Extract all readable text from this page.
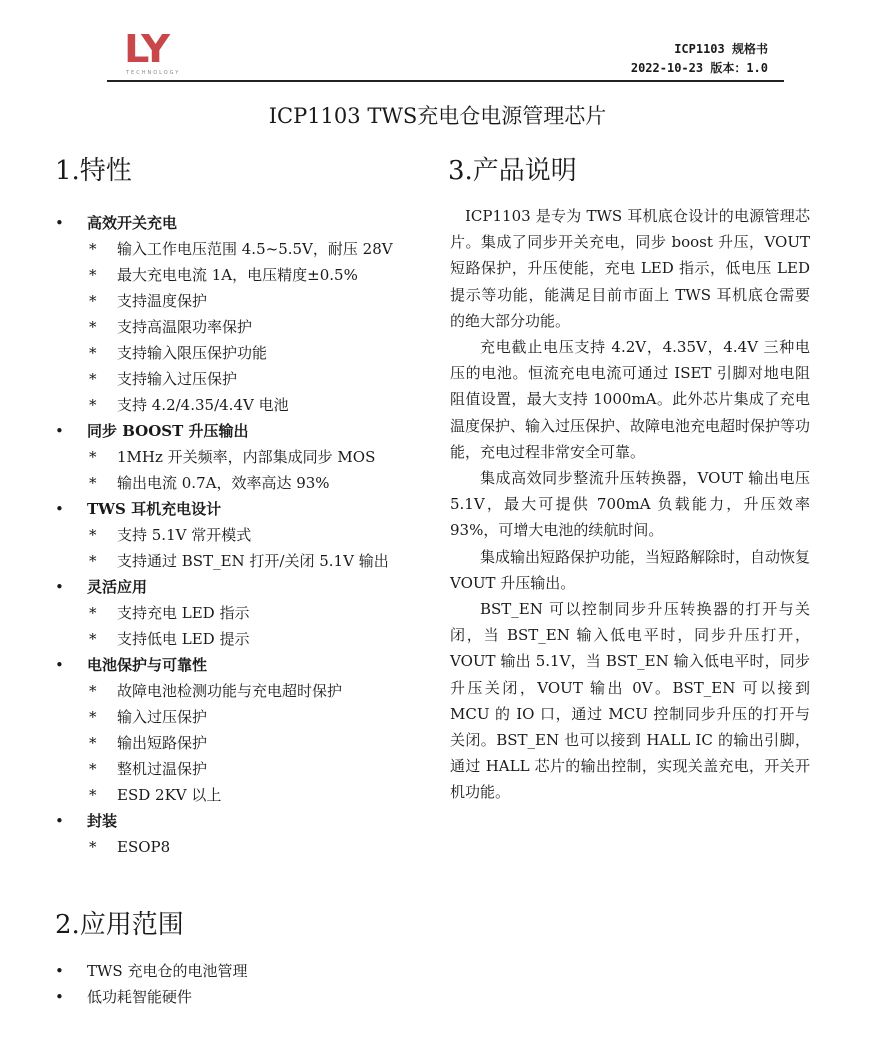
LY
TECHNOLOGY
ICP1103 规格书
2022-10-23 版本：1.0
ICP1103 TWS充电仓电源管理芯片
1.特性
• 高效开关充电
* 输入工作电压范围 4.5~5.5V，耐压 28V
* 最大充电电流 1A，电压精度±0.5%
* 支持温度保护
* 支持高温限功率保护
* 支持输入限压保护功能
* 支持输入过压保护
* 支持 4.2/4.35/4.4V 电池
• 同步 BOOST 升压输出
* 1MHz 开关频率，内部集成同步 MOS
* 输出电流 0.7A，效率高达 93%
• TWS 耳机充电设计
* 支持 5.1V 常开模式
* 支持通过 BST_EN 打开/关闭 5.1V 输出
• 灵活应用
* 支持充电 LED 指示
* 支持低电 LED 提示
• 电池保护与可靠性
* 故障电池检测功能与充电超时保护
* 输入过压保护
* 输出短路保护
* 整机过温保护
* ESD 2KV 以上
• 封装
* ESOP8
2.应用范围
• TWS 充电仓的电池管理
• 低功耗智能硬件
3.产品说明

ICP1103 是专为 TWS 耳机底仓设计的电源管理芯片。集成了同步开关充电，同步 boost 升压，VOUT 短路保护，升压使能，充电 LED 指示，低电压 LED 提示等功能，能满足目前市面上 TWS 耳机底仓需要的绝大部分功能。

充电截止电压支持 4.2V，4.35V，4.4V 三种电压的电池。恒流充电电流可通过 ISET 引脚对地电阻阻值设置，最大支持 1000mA。此外芯片集成了充电温度保护、输入过压保护、故障电池充电超时保护等功能，充电过程非常安全可靠。

集成高效同步整流升压转换器，VOUT 输出电压 5.1V，最大可提供 700mA 负载能力，升压效率 93%，可增大电池的续航时间。

集成输出短路保护功能，当短路解除时，自动恢复 VOUT 升压输出。

BST_EN 可以控制同步升压转换器的打开与关闭，当 BST_EN 输入低电平时，同步升压打开，VOUT 输出 5.1V，当 BST_EN 输入低电平时，同步升压关闭，VOUT 输出 0V。BST_EN 可以接到 MCU 的 IO 口，通过 MCU 控制同步升压的打开与关闭。BST_EN 也可以接到 HALL IC 的输出引脚，通过 HALL 芯片的输出控制，实现关盖充电，开关开机功能。
